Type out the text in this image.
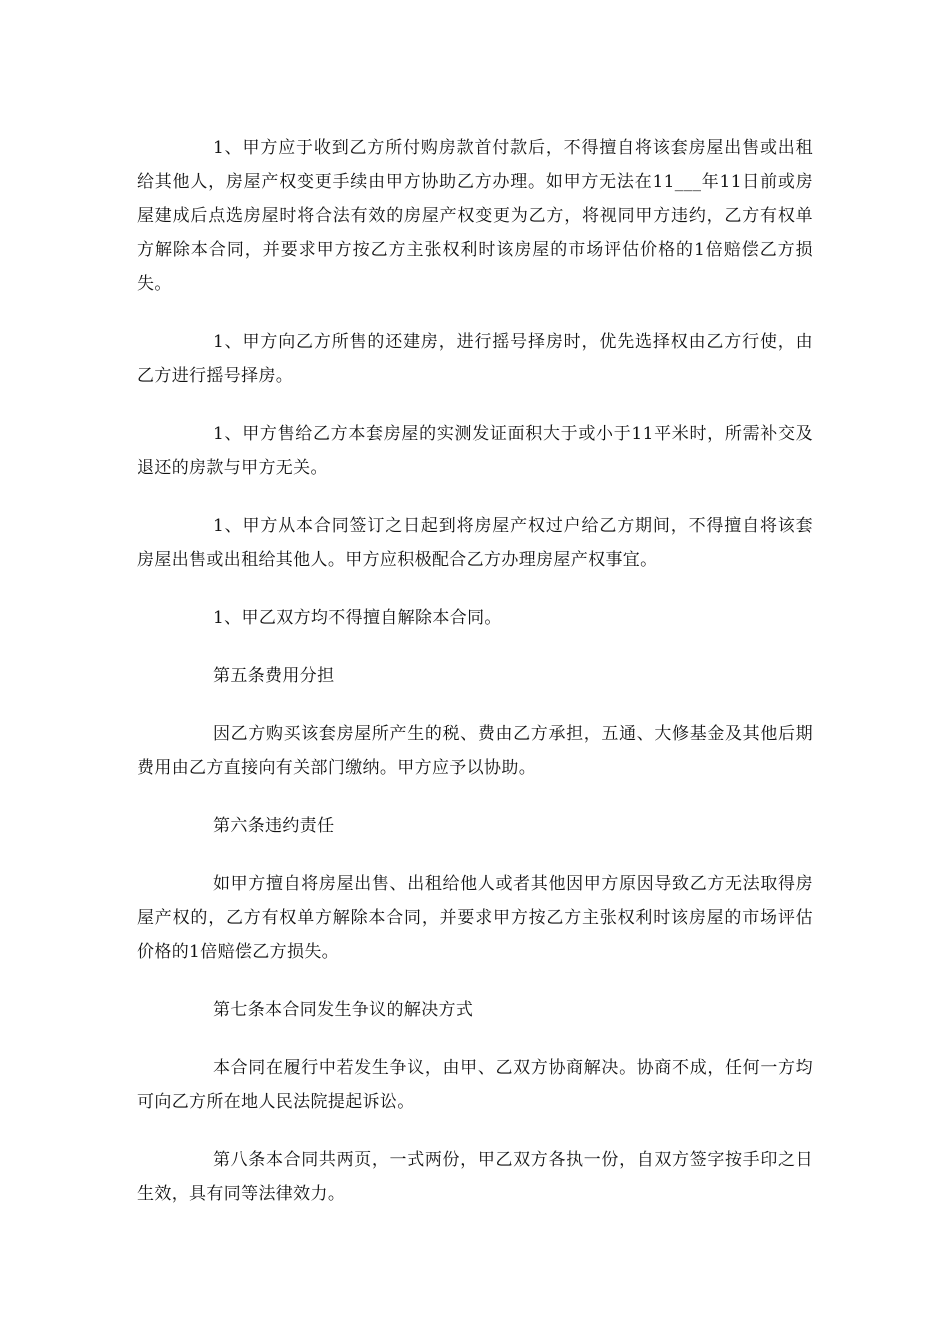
1、甲方应于收到乙方所付购房款首付款后，不得擅自将该套房屋出售或出租给其他人，房屋产权变更手续由甲方协助乙方办理。如甲方无法在11___年11日前或房屋建成后点选房屋时将合法有效的房屋产权变更为乙方，将视同甲方违约，乙方有权单方解除本合同，并要求甲方按乙方主张权利时该房屋的市场评估价格的1倍赔偿乙方损失。

1、甲方向乙方所售的还建房，进行摇号择房时，优先选择权由乙方行使，由乙方进行摇号择房。

1、甲方售给乙方本套房屋的实测发证面积大于或小于11平米时，所需补交及退还的房款与甲方无关。

1、甲方从本合同签订之日起到将房屋产权过户给乙方期间，不得擅自将该套房屋出售或出租给其他人。甲方应积极配合乙方办理房屋产权事宜。

1、甲乙双方均不得擅自解除本合同。

第五条费用分担

因乙方购买该套房屋所产生的税、费由乙方承担，五通、大修基金及其他后期费用由乙方直接向有关部门缴纳。甲方应予以协助。

第六条违约责任

如甲方擅自将房屋出售、出租给他人或者其他因甲方原因导致乙方无法取得房屋产权的，乙方有权单方解除本合同，并要求甲方按乙方主张权利时该房屋的市场评估价格的1倍赔偿乙方损失。

第七条本合同发生争议的解决方式

本合同在履行中若发生争议，由甲、乙双方协商解决。协商不成，任何一方均可向乙方所在地人民法院提起诉讼。

第八条本合同共两页，一式两份，甲乙双方各执一份，自双方签字按手印之日生效，具有同等法律效力。
